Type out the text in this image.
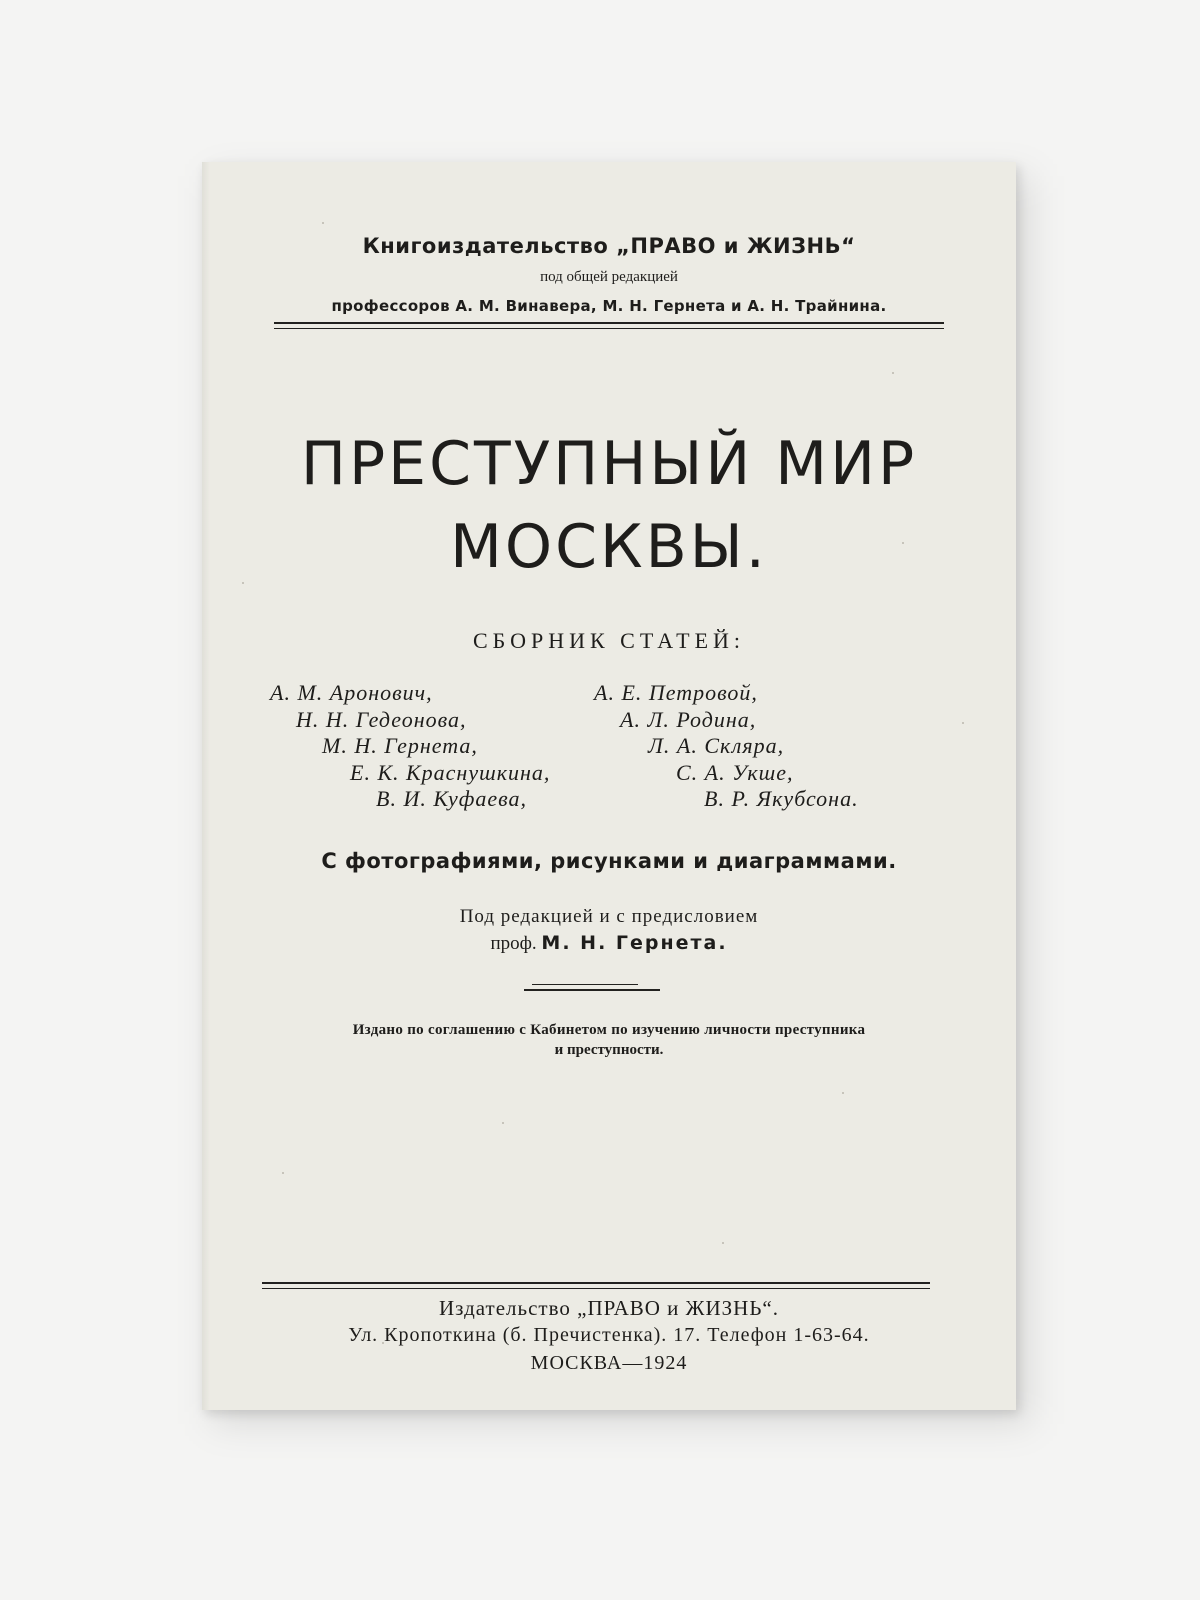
Книгоиздательство „ПРАВО и ЖИЗНЬ“
под общей редакцией
профессоров А. М. Винавера, М. Н. Гернета и А. Н. Трайнина.
ПРЕСТУПНЫЙ МИР
МОСКВЫ.
СБОРНИК СТАТЕЙ:
А. М. Аронович,
Н. Н. Гедеонова,
М. Н. Гернета,
Е. К. Краснушкина,
В. И. Куфаева,
А. Е. Петровой,
А. Л. Родина,
Л. А. Скляра,
С. А. Укше,
В. Р. Якубсона.
С фотографиями, рисунками и диаграммами.
Под редакцией и с предисловием
проф. М. Н. Гернета.
Издано по соглашению с Кабинетом по изучению личности преступника
и преступности.
Издательство „ПРАВО и ЖИЗНЬ“.
Ул. Кропоткина (б. Пречистенка). 17. Телефон 1-63-64.
МОСКВА—1924
